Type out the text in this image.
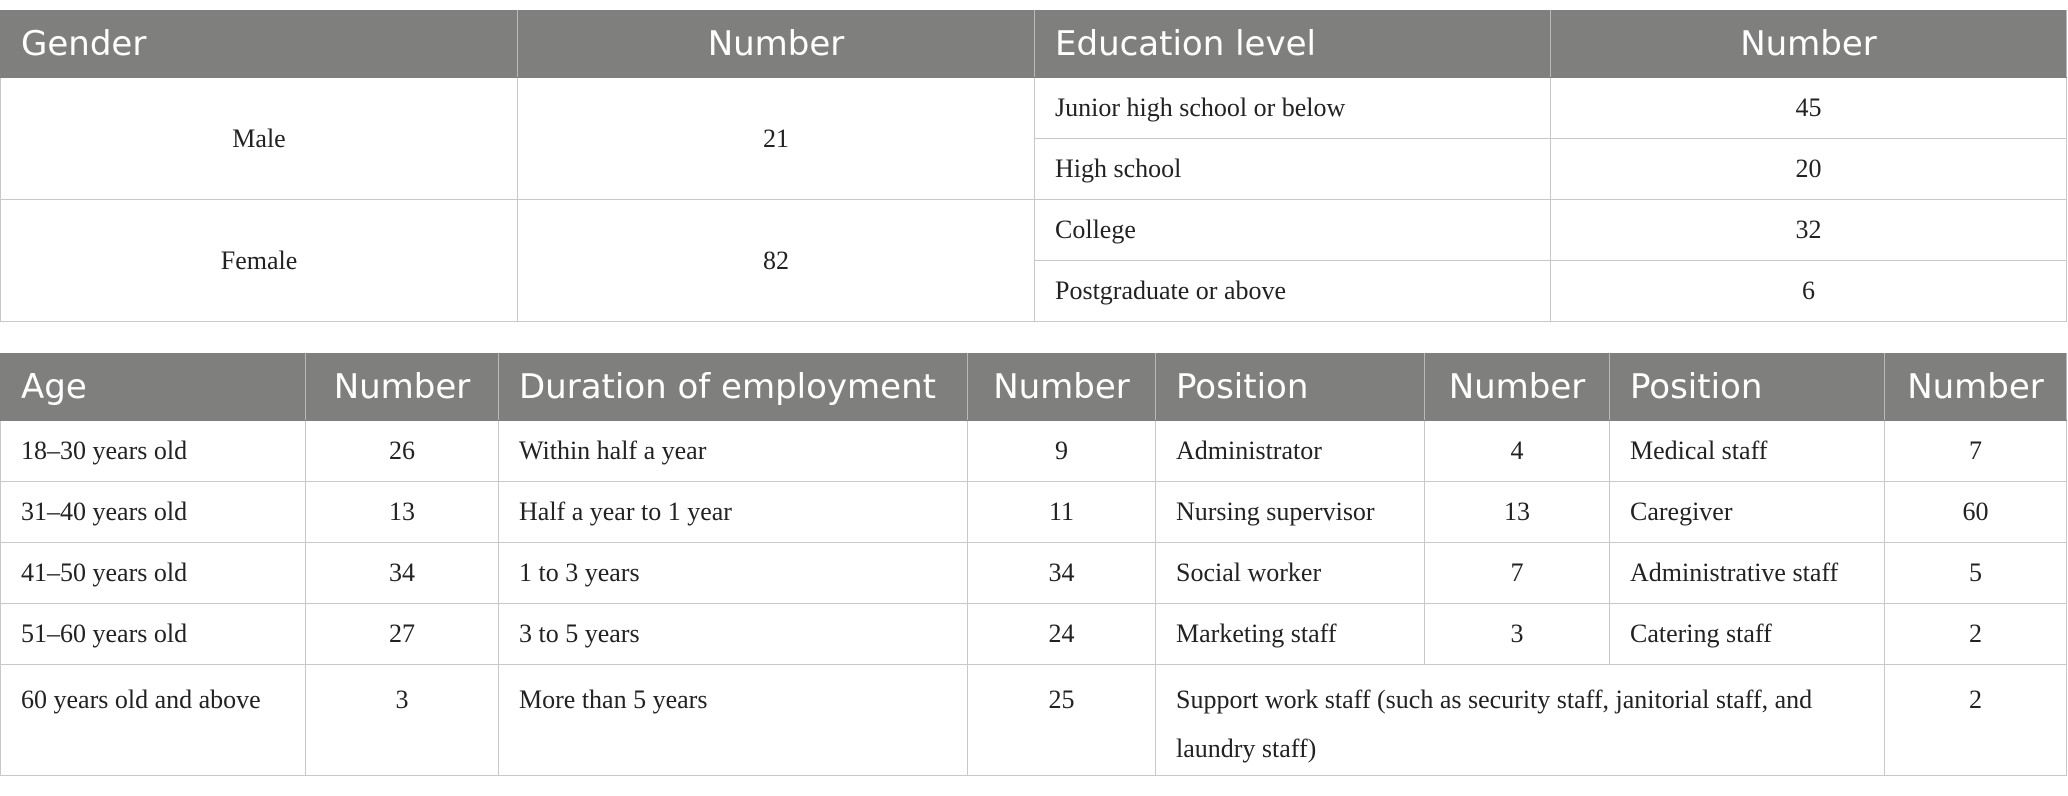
Gender	Number	Education level	Number
Male	21	Junior high school or below	45
		High school	20
Female	82	College	32
		Postgraduate or above	6
Age	Number	Duration of employment	Number	Position	Number	Position	Number
18–30 years old	26	Within half a year	9	Administrator	4	Medical staff	7
31–40 years old	13	Half a year to 1 year	11	Nursing supervisor	13	Caregiver	60
41–50 years old	34	1 to 3 years	34	Social worker	7	Administrative staff	5
51–60 years old	27	3 to 5 years	24	Marketing staff	3	Catering staff	2
60 years old and above	3	More than 5 years	25	Support work staff (such as security staff, janitorial staff, and laundry staff)			2
